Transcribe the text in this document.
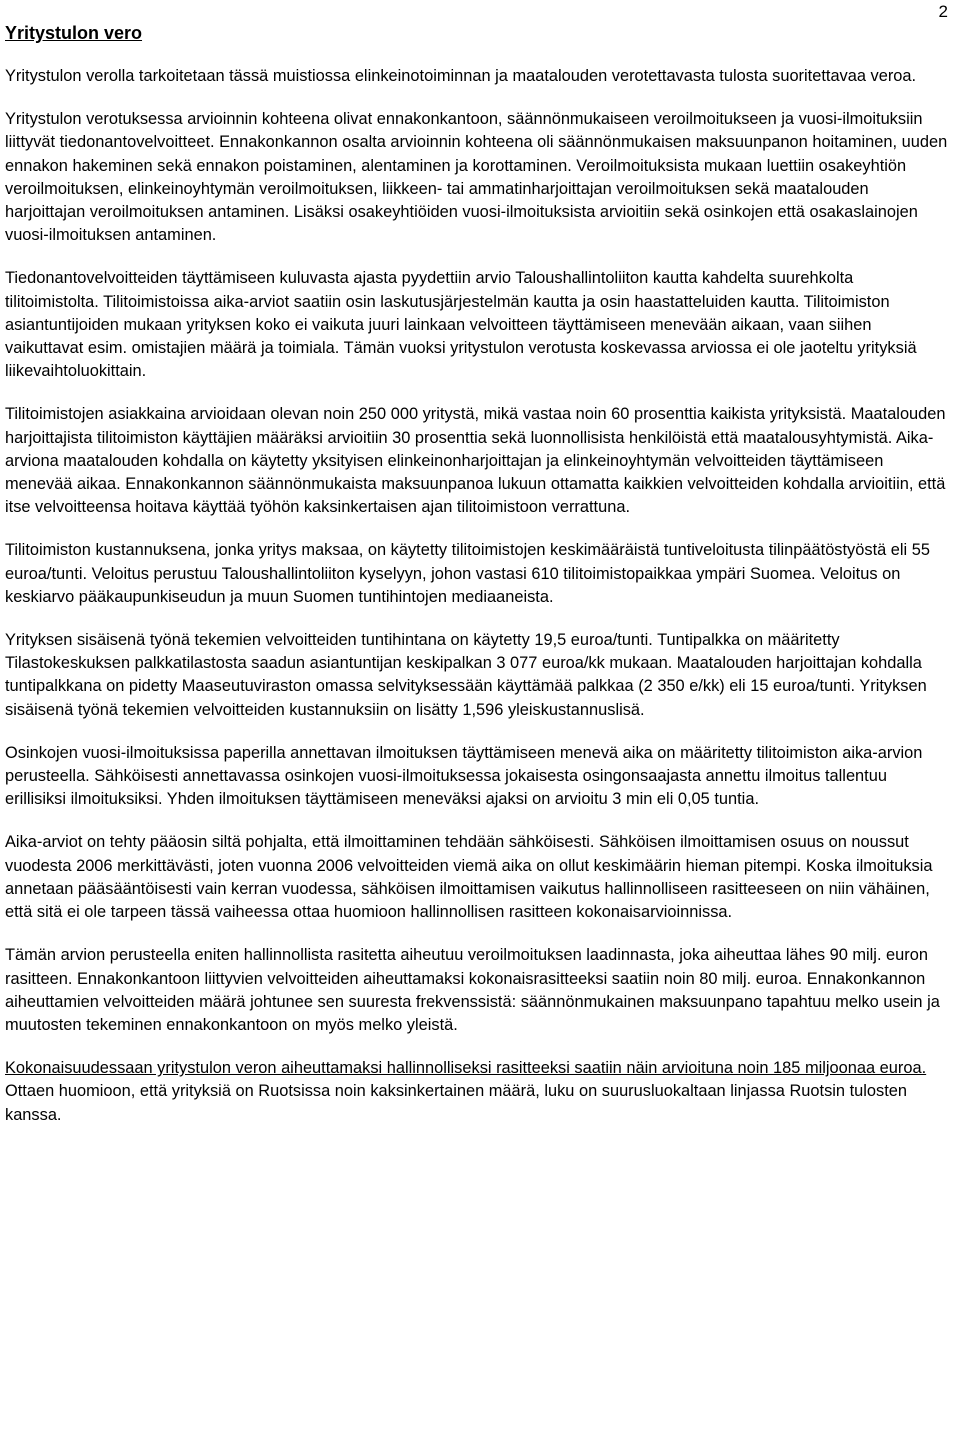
2
Yritystulon vero

Yritystulon verolla tarkoitetaan tässä muistiossa elinkeinotoiminnan ja maatalouden verotettavasta tulosta suoritettavaa veroa.

Yritystulon verotuksessa arvioinnin kohteena olivat ennakonkantoon, säännönmukaiseen veroilmoitukseen ja vuosi-ilmoituksiin liittyvät tiedonantovelvoitteet. Ennakonkannon osalta arvioinnin kohteena oli säännönmukaisen maksuunpanon hoitaminen, uuden ennakon hakeminen sekä ennakon poistaminen, alentaminen ja korottaminen. Veroilmoituksista mukaan luettiin osakeyhtiön veroilmoituksen, elinkeinoyhtymän veroilmoituksen, liikkeen- tai ammatinharjoittajan veroilmoituksen sekä maatalouden harjoittajan veroilmoituksen antaminen. Lisäksi osakeyhtiöiden vuosi-ilmoituksista arvioitiin sekä osinkojen että osakaslainojen vuosi-ilmoituksen antaminen.

Tiedonantovelvoitteiden täyttämiseen kuluvasta ajasta pyydettiin arvio Taloushallintoliiton kautta kahdelta suurehkolta tilitoimistolta. Tilitoimistoissa aika-arviot saatiin osin laskutusjärjestelmän kautta ja osin haastatteluiden kautta. Tilitoimiston asiantuntijoiden mukaan yrityksen koko ei vaikuta juuri lainkaan velvoitteen täyttämiseen menevään aikaan, vaan siihen vaikuttavat esim. omistajien määrä ja toimiala. Tämän vuoksi yritystulon verotusta koskevassa arviossa ei ole jaoteltu yrityksiä liikevaihtoluokittain.

Tilitoimistojen asiakkaina arvioidaan olevan noin 250 000 yritystä, mikä vastaa noin 60 prosenttia kaikista yrityksistä. Maatalouden harjoittajista tilitoimiston käyttäjien määräksi arvioitiin 30 prosenttia sekä luonnollisista henkilöistä että maatalousyhtymistä. Aika-arviona maatalouden kohdalla on käytetty yksityisen elinkeinonharjoittajan ja elinkeinoyhtymän velvoitteiden täyttämiseen menevää aikaa. Ennakonkannon säännönmukaista maksuunpanoa lukuun ottamatta kaikkien velvoitteiden kohdalla arvioitiin, että itse velvoitteensa hoitava käyttää työhön kaksinkertaisen ajan tilitoimistoon verrattuna.

Tilitoimiston kustannuksena, jonka yritys maksaa, on käytetty tilitoimistojen keskimääräistä tuntiveloitusta tilinpäätöstyöstä eli 55 euroa/tunti. Veloitus perustuu Taloushallintoliiton kyselyyn, johon vastasi 610 tilitoimistopaikkaa ympäri Suomea. Veloitus on keskiarvo pääkaupunkiseudun ja muun Suomen tuntihintojen mediaaneista.

Yrityksen sisäisenä työnä tekemien velvoitteiden tuntihintana on käytetty 19,5 euroa/tunti. Tuntipalkka on määritetty Tilastokeskuksen palkkatilastosta saadun asiantuntijan keskipalkan 3 077 euroa/kk mukaan. Maatalouden harjoittajan kohdalla tuntipalkkana on pidetty Maaseutuviraston omassa selvityksessään käyttämää palkkaa (2 350 e/kk) eli 15 euroa/tunti. Yrityksen sisäisenä työnä tekemien velvoitteiden kustannuksiin on lisätty 1,596 yleiskustannuslisä.

Osinkojen vuosi-ilmoituksissa paperilla annettavan ilmoituksen täyttämiseen menevä aika on määritetty tilitoimiston aika-arvion perusteella. Sähköisesti annettavassa osinkojen vuosi-ilmoituksessa jokaisesta osingonsaajasta annettu ilmoitus tallentuu erillisiksi ilmoituksiksi. Yhden ilmoituksen täyttämiseen meneväksi ajaksi on arvioitu 3 min eli 0,05 tuntia.

Aika-arviot on tehty pääosin siltä pohjalta, että ilmoittaminen tehdään sähköisesti. Sähköisen ilmoittamisen osuus on noussut vuodesta 2006 merkittävästi, joten vuonna 2006 velvoitteiden viemä aika on ollut keskimäärin hieman pitempi. Koska ilmoituksia annetaan pääsääntöisesti vain kerran vuodessa, sähköisen ilmoittamisen vaikutus hallinnolliseen rasitteeseen on niin vähäinen, että sitä ei ole tarpeen tässä vaiheessa ottaa huomioon hallinnollisen rasitteen kokonaisarvioinnissa.

Tämän arvion perusteella eniten hallinnollista rasitetta aiheutuu veroilmoituksen laadinnasta, joka aiheuttaa lähes 90 milj. euron rasitteen. Ennakonkantoon liittyvien velvoitteiden aiheuttamaksi kokonaisrasitteeksi saatiin noin 80 milj. euroa. Ennakonkannon aiheuttamien velvoitteiden määrä johtunee sen suuresta frekvenssistä: säännönmukainen maksuunpano tapahtuu melko usein ja muutosten tekeminen ennakonkantoon on myös melko yleistä.

Kokonaisuudessaan yritystulon veron aiheuttamaksi hallinnolliseksi rasitteeksi saatiin näin arvioituna noin 185 miljoonaa euroa. Ottaen huomioon, että yrityksiä on Ruotsissa noin kaksinkertainen määrä, luku on suurusluokaltaan linjassa Ruotsin tulosten kanssa.
